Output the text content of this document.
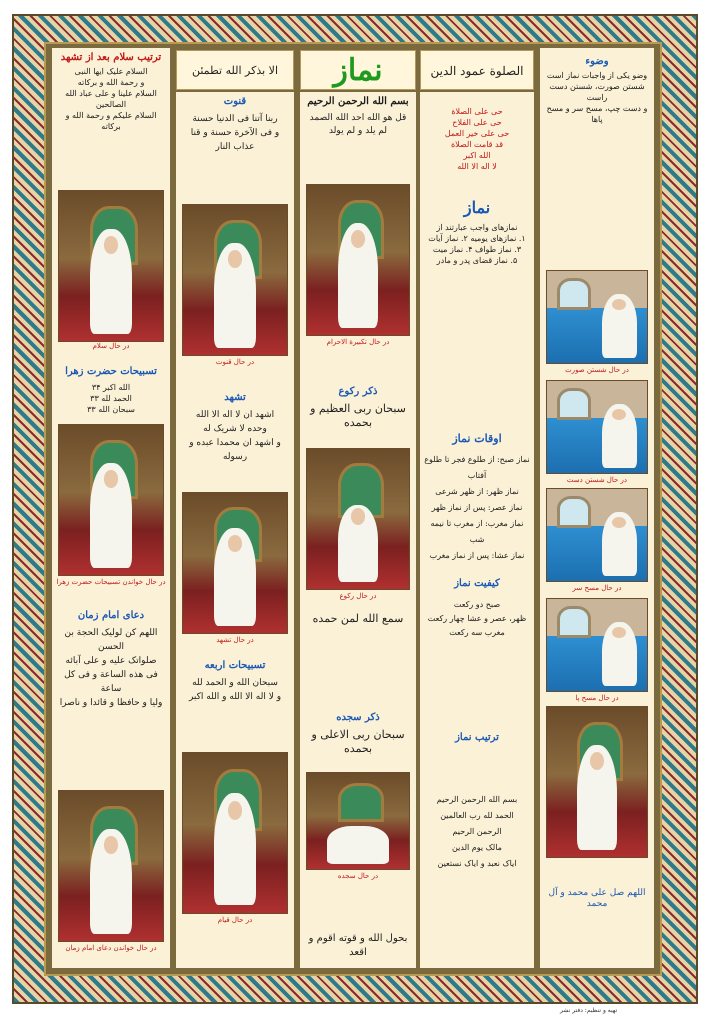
الا بذكر الله تطمئن	نماز	الصلوة عمود الدين
ترتیب سلام بعد از تشهد
السلام علیک ایها النبی
و رحمة الله و برکاته
السلام علینا و علی عباد الله الصالحین
السلام علیکم و رحمة الله و برکاته
در حال سلام
تسبیحات حضرت زهرا
الله اکبر ۳۴
الحمد لله ۳۳
سبحان الله ۳۳
در حال خواندن تسبیحات حضرت زهرا
دعای امام زمان
اللهم کن لولیک الحجة بن الحسن
صلواتک علیه و علی آبائه
فی هذه الساعة و فی کل ساعة
ولیا و حافظا و قائدا و ناصرا
در حال خواندن دعای امام زمان
قنوت
ربنا آتنا فی الدنیا حسنة
و فی الآخرة حسنة و قنا عذاب النار
در حال قنوت
تشهد
اشهد ان لا اله الا الله
وحده لا شریک له
و اشهد ان محمدا عبده و رسوله
در حال تشهد
تسبیحات اربعه
سبحان الله و الحمد لله
و لا اله الا الله و الله اکبر
در حال قیام
بسم الله الرحمن الرحیم
قل هو الله احد الله الصمد
لم یلد و لم یولد
در حال تکبیرة الاحرام
ذکر رکوع
سبحان ربی العظیم و بحمده
در حال رکوع
سمع الله لمن حمده
ذکر سجده
سبحان ربی الاعلی و بحمده
در حال سجده
بحول الله و قوته اقوم و اقعد
حی علی الصلاة
حی علی الفلاح
حی علی خیر العمل
قد قامت الصلاة
الله اکبر
لا اله الا الله
نماز
نمازهای واجب عبارتند از
۱. نمازهای یومیه ۲. نماز آیات
۳. نماز طواف ۴. نماز میت
۵. نماز قضای پدر و مادر
اوقات نماز
نماز صبح: از طلوع فجر تا طلوع آفتاب
نماز ظهر: از ظهر شرعی
نماز عصر: پس از نماز ظهر
نماز مغرب: از مغرب تا نیمه شب
نماز عشا: پس از نماز مغرب
کیفیت نماز
صبح دو رکعت
ظهر، عصر و عشا چهار رکعت
مغرب سه رکعت
ترتیب نماز
بسم الله الرحمن الرحیم
الحمد لله رب العالمین
الرحمن الرحیم
مالک یوم الدین
ایاک نعبد و ایاک نستعین
وضوء
وضو یکی از واجبات نماز است
شستن صورت، شستن دست راست
و دست چپ، مسح سر و مسح پاها
در حال شستن صورت
در حال شستن دست
در حال مسح سر
در حال مسح پا
اللهم صل علی محمد و آل محمد
تهیه و تنظیم: دفتر نشر
